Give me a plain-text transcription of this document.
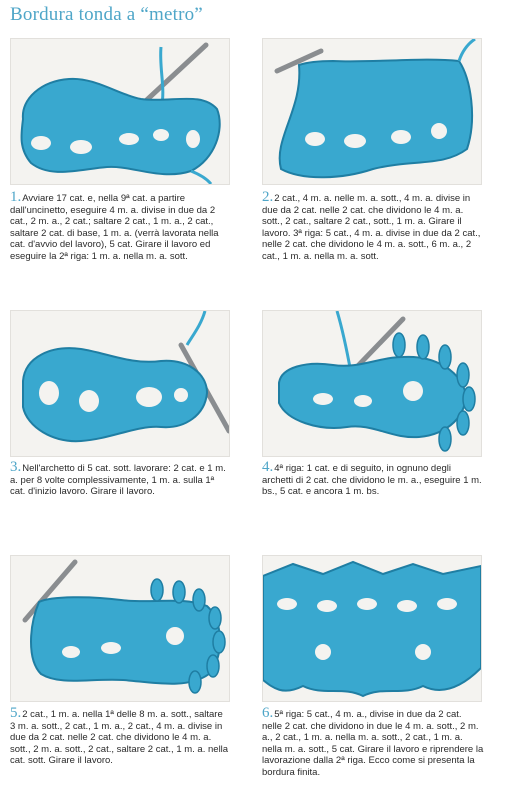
Bordura tonda a “metro”
1.Avviare 17 cat. e, nella 9ª cat. a partire dall'uncinetto, eseguire 4 m. a. divise in due da 2 cat., 2 m. a., 2 cat.; saltare 2 cat., 1 m. a., 2 cat., saltare 2 cat. di base, 1 m. a. (verrà lavorata nella cat. d'avvio del lavoro), 5 cat. Girare il lavoro ed eseguire la 2ª riga: 1 m. a. nella m. a. sott.
2.2 cat., 4 m. a. nelle m. a. sott., 4 m. a. divise in due da 2 cat. nelle 2 cat. che dividono le 4 m. a. sott., 2 cat., saltare 2 cat., sott., 1 m. a. Girare il lavoro. 3ª riga: 5 cat., 4 m. a. divise in due da 2 cat., nelle 2 cat. che dividono le 4 m. a. sott., 6 m. a., 2 cat., 1 m. a. nella m. a. sott.
3.Nell'archetto di 5 cat. sott. lavorare: 2 cat. e 1 m. a. per 8 volte complessivamente, 1 m. a. sulla 1ª cat. d'inizio lavoro. Girare il lavoro.
4.4ª riga: 1 cat. e di seguito, in ognuno degli archetti di 2 cat. che dividono le m. a., eseguire 1 m. bs., 5 cat. e ancora 1 m. bs.
5.2 cat., 1 m. a. nella 1ª delle 8 m. a. sott., saltare 3 m. a. sott., 2 cat., 1 m. a., 2 cat., 4 m. a. divise in due da 2 cat. nelle 2 cat. che dividono le 4 m. a. sott., 2 m. a. sott., 2 cat., saltare 2 cat., 1 m. a. nella cat. sott. Girare il lavoro.
6.5ª riga: 5 cat., 4 m. a., divise in due da 2 cat. nelle 2 cat. che dividono in due le 4 m. a. sott., 2 m. a., 2 cat., 1 m. a. nella m. a. sott., 2 cat., 1 m. a. nella m. a. sott., 5 cat. Girare il lavoro e riprendere la lavorazione dalla 2ª riga. Ecco come si presenta la bordura finita.
